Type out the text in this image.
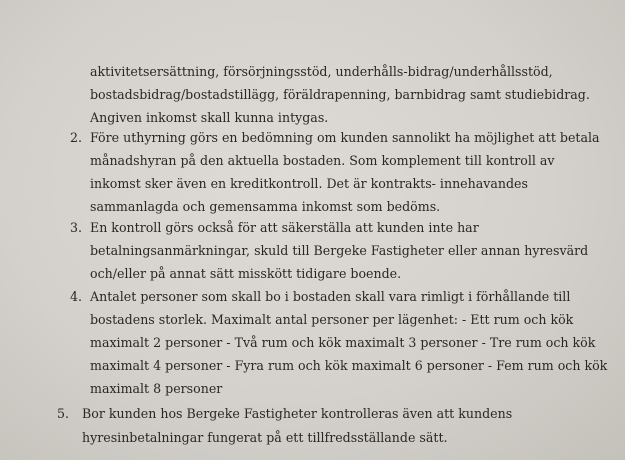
aktivitetsersättning, försörjningsstöd, underhålls-bidrag/underhållsstöd,
bostadsbidrag/bostadstillägg, föräldrapenning, barnbidrag samt studiebidrag.
Angiven inkomst skall kunna intygas.
2. Före uthyrning görs en bedömning om kunden sannolikt ha möjlighet att betala
månadshyran på den aktuella bostaden. Som komplement till kontroll av
inkomst sker även en kreditkontroll. Det är kontrakts- innehavandes
sammanlagda och gemensamma inkomst som bedöms.
3. En kontroll görs också för att säkerställa att kunden inte har
betalningsanmärkningar, skuld till Bergeke Fastigheter eller annan hyresvärd
och/eller på annat sätt misskött tidigare boende.
4. Antalet personer som skall bo i bostaden skall vara rimligt i förhållande till
bostadens storlek. Maximalt antal personer per lägenhet: - Ett rum och kök
maximalt 2 personer - Två rum och kök maximalt 3 personer - Tre rum och kök
maximalt 4 personer - Fyra rum och kök maximalt 6 personer - Fem rum och kök
maximalt 8 personer
5. Bor kunden hos Bergeke Fastigheter kontrolleras även att kundens
hyresinbetalningar fungerat på ett tillfredsställande sätt.
